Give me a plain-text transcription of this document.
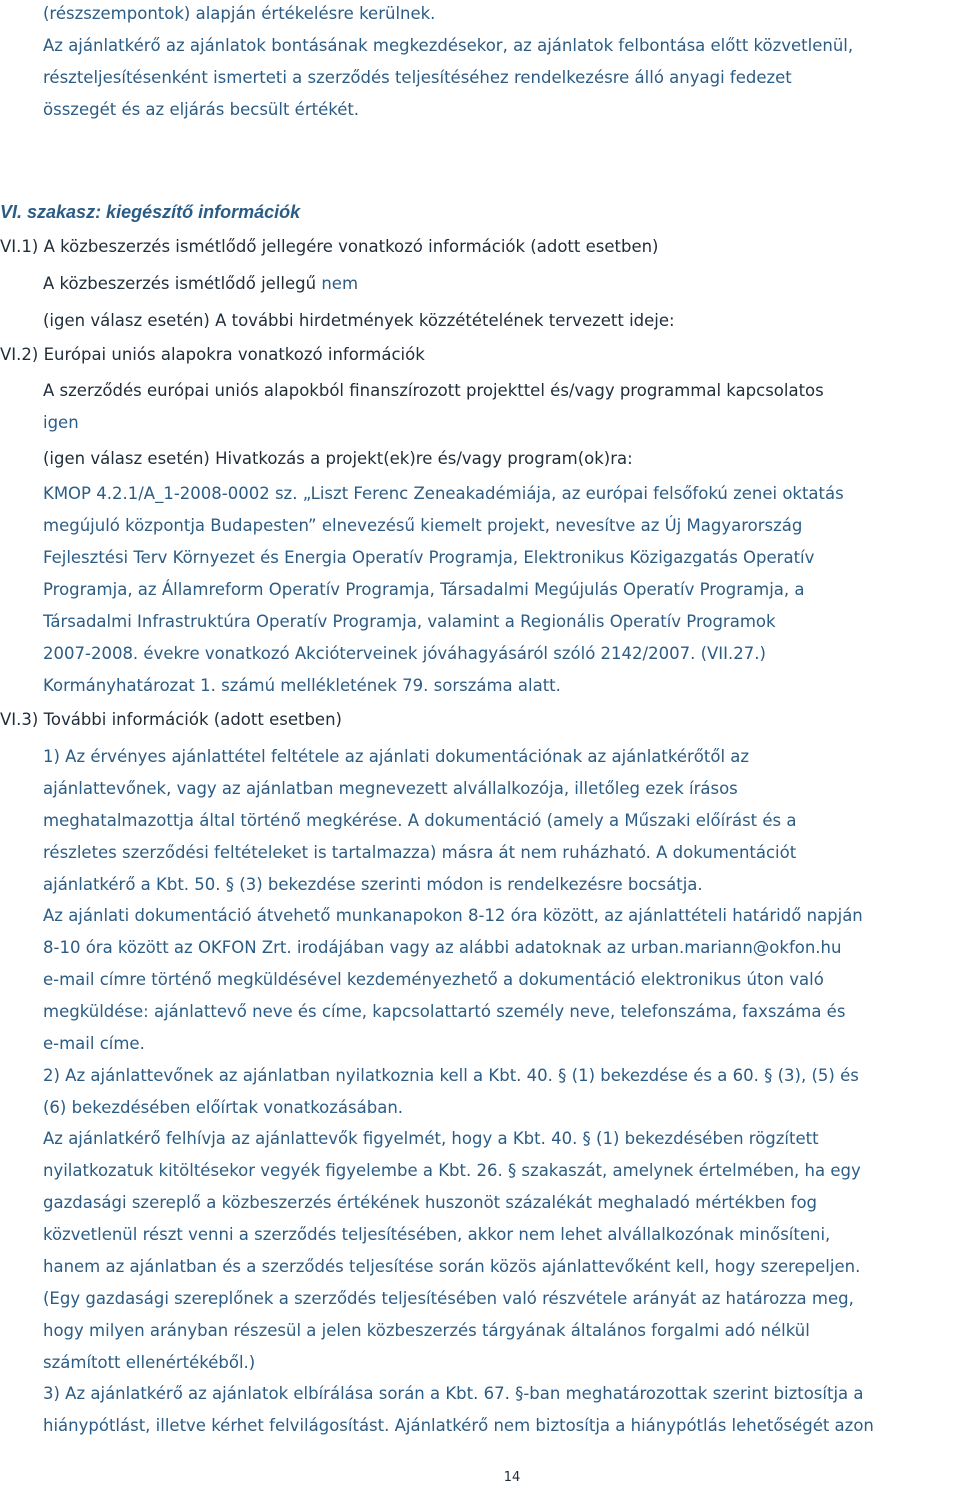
(részszempontok) alapján értékelésre kerülnek.

Az ajánlatkérő az ajánlatok bontásának megkezdésekor, az ajánlatok felbontása előtt közvetlenül,

részteljesítésenként ismerteti a szerződés teljesítéséhez rendelkezésre álló anyagi fedezet

összegét és az eljárás becsült értékét.

VI. szakasz: kiegészítő információk

VI.1) A közbeszerzés ismétlődő jellegére vonatkozó információk (adott esetben)

A közbeszerzés ismétlődő jellegű nem

(igen válasz esetén) A további hirdetmények közzétételének tervezett ideje:

VI.2) Európai uniós alapokra vonatkozó információk

A szerződés európai uniós alapokból finanszírozott projekttel és/vagy programmal kapcsolatos

igen

(igen válasz esetén) Hivatkozás a projekt(ek)re és/vagy program(ok)ra:

KMOP 4.2.1/A_1-2008-0002 sz. „Liszt Ferenc Zeneakadémiája, az európai felsőfokú zenei oktatás

megújuló központja Budapesten” elnevezésű kiemelt projekt, nevesítve az Új Magyarország

Fejlesztési Terv Környezet és Energia Operatív Programja, Elektronikus Közigazgatás Operatív

Programja, az Államreform Operatív Programja, Társadalmi Megújulás Operatív Programja, a

Társadalmi Infrastruktúra Operatív Programja, valamint a Regionális Operatív Programok

2007-2008. évekre vonatkozó Akcióterveinek jóváhagyásáról szóló 2142/2007. (VII.27.)

Kormányhatározat 1. számú mellékletének 79. sorszáma alatt.

VI.3) További információk (adott esetben)

1) Az érvényes ajánlattétel feltétele az ajánlati dokumentációnak az ajánlatkérőtől az

ajánlattevőnek, vagy az ajánlatban megnevezett alvállalkozója, illetőleg ezek írásos

meghatalmazottja által történő megkérése. A dokumentáció (amely a Műszaki előírást és a

részletes szerződési feltételeket is tartalmazza) másra át nem ruházható. A dokumentációt

ajánlatkérő a Kbt. 50. § (3) bekezdése szerinti módon is rendelkezésre bocsátja.

Az ajánlati dokumentáció átvehető munkanapokon 8-12 óra között, az ajánlattételi határidő napján

8-10 óra között az OKFON Zrt. irodájában vagy az alábbi adatoknak az urban.mariann@okfon.hu

e-mail címre történő megküldésével kezdeményezhető a dokumentáció elektronikus úton való

megküldése: ajánlattevő neve és címe, kapcsolattartó személy neve, telefonszáma, faxszáma és

e-mail címe.

2) Az ajánlattevőnek az ajánlatban nyilatkoznia kell a Kbt. 40. § (1) bekezdése és a 60. § (3), (5) és

(6) bekezdésében előírtak vonatkozásában.

Az ajánlatkérő felhívja az ajánlattevők figyelmét, hogy a Kbt. 40. § (1) bekezdésében rögzített

nyilatkozatuk kitöltésekor vegyék figyelembe a Kbt. 26. § szakaszát, amelynek értelmében, ha egy

gazdasági szereplő a közbeszerzés értékének huszonöt százalékát meghaladó mértékben fog

közvetlenül részt venni a szerződés teljesítésében, akkor nem lehet alvállalkozónak minősíteni,

hanem az ajánlatban és a szerződés teljesítése során közös ajánlattevőként kell, hogy szerepeljen.

(Egy gazdasági szereplőnek a szerződés teljesítésében való részvétele arányát az határozza meg,

hogy milyen arányban részesül a jelen közbeszerzés tárgyának általános forgalmi adó nélkül

számított ellenértékéből.)

3) Az ajánlatkérő az ajánlatok elbírálása során a Kbt. 67. §-ban meghatározottak szerint biztosítja a

hiánypótlást, illetve kérhet felvilágosítást. Ajánlatkérő nem biztosítja a hiánypótlás lehetőségét azon

14
